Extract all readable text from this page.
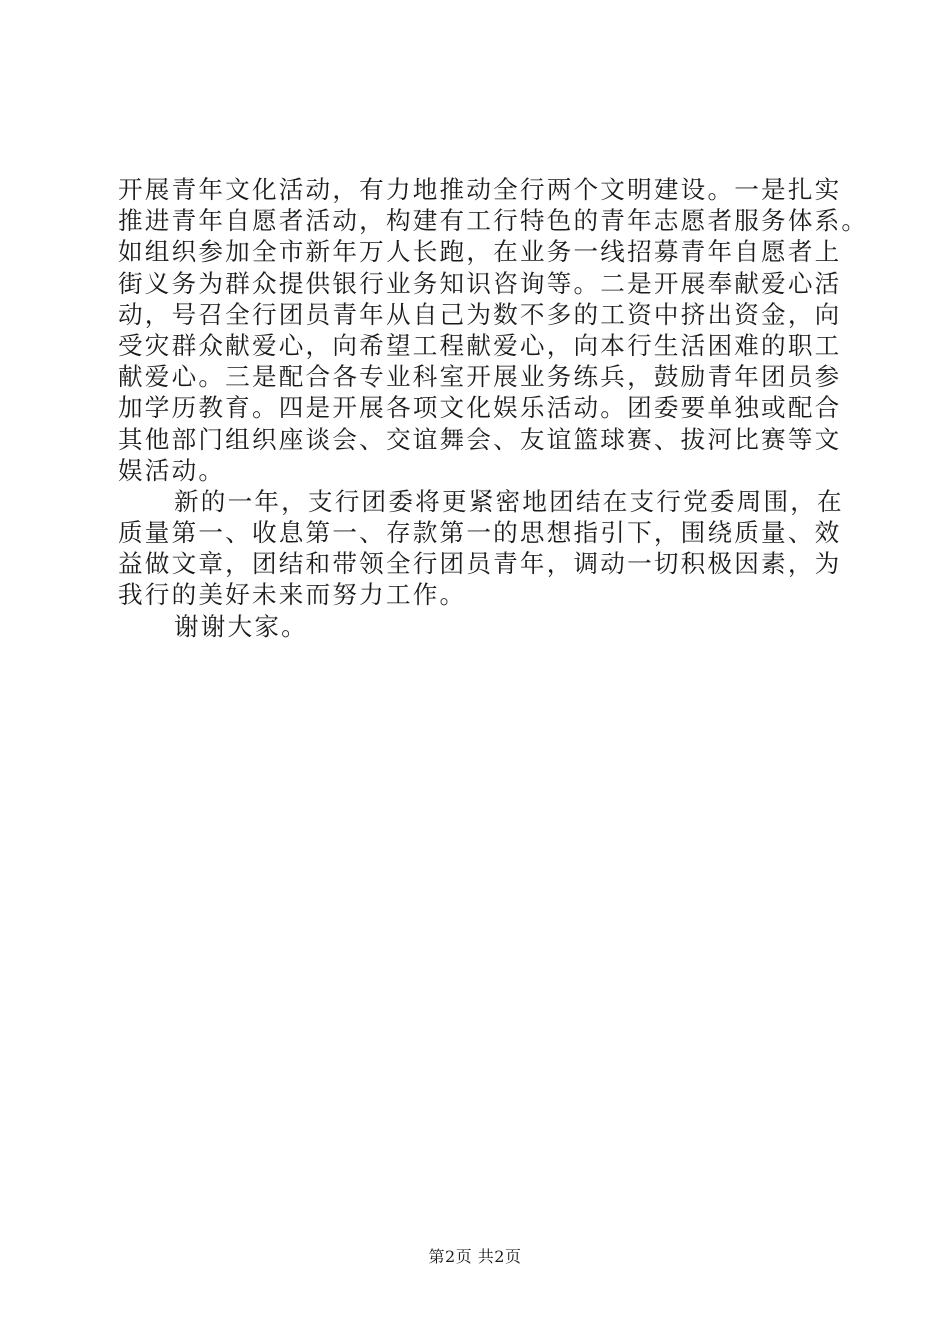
开展青年文化活动，有力地推动全行两个文明建设。一是扎实
推进青年自愿者活动，构建有工行特色的青年志愿者服务体系。
如组织参加全市新年万人长跑，在业务一线招募青年自愿者上
街义务为群众提供银行业务知识咨询等。二是开展奉献爱心活
动，号召全行团员青年从自己为数不多的工资中挤出资金，向
受灾群众献爱心，向希望工程献爱心，向本行生活困难的职工
献爱心。三是配合各专业科室开展业务练兵，鼓励青年团员参
加学历教育。四是开展各项文化娱乐活动。团委要单独或配合
其他部门组织座谈会、交谊舞会、友谊篮球赛、拔河比赛等文
娱活动。
新的一年，支行团委将更紧密地团结在支行党委周围，在
质量第一、收息第一、存款第一的思想指引下，围绕质量、效
益做文章，团结和带领全行团员青年，调动一切积极因素，为
我行的美好未来而努力工作。
谢谢大家。
第2页 共2页
